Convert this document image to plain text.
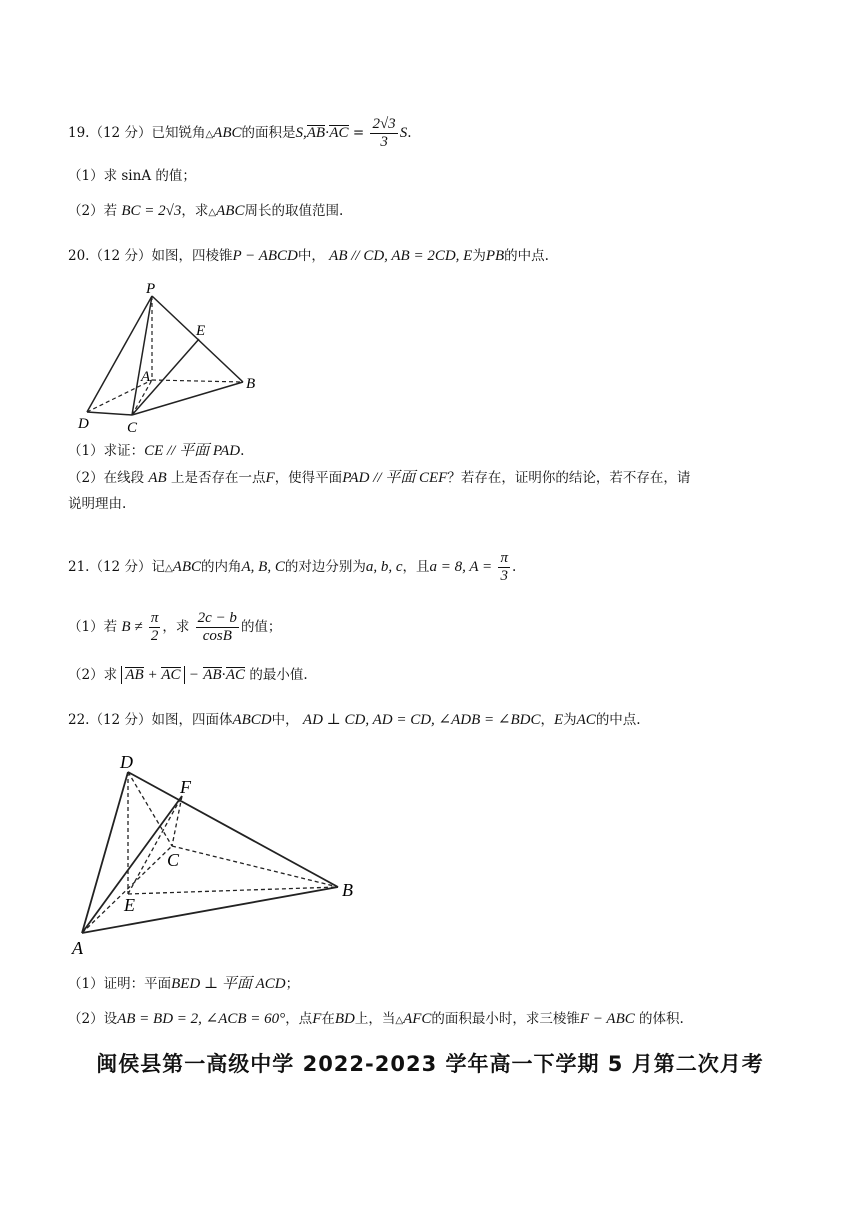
19.（12 分）已知锐角△ABC的面积是$S,AB\cdot AC = \frac{2√3}{3} S$.
（1）求 sinA 的值；
（2）若 BC = 2√3，求△ABC周长的取值范围.
20.（12 分）如图，四棱锥P − ABCD中， AB // CD, AB = 2CD, E为PB的中点.
P
E
A	B
C
D
（1）求证：CE // 平面 PAD.
（2）在线段 AB 上是否存在一点F，使得平面PAD // 平面 CEF？若存在，证明你的结论，若不存在，请
说明理由.
21.（12 分）记△ABC的内角A, B, C的对边分别为a, b, c，且a = 8, $A = \frac{\pi}{3}$ .
（1）若 $B \ne \frac{\pi}{2}$ ，求 $\frac{2c - b}{\cos B}$ 的值；
（2）求 AB + AC − AB·AC 的最小值.
22.（12 分）如图，四面体ABCD中， AD ⊥ CD, AD = CD, ∠ADB = ∠BDC，E为AC的中点.
D
F
C
E
B
A
（1）证明：平面BED ⊥ 平面 ACD；
（2）设AB = BD = 2, ∠ACB = 60°，点F在BD上，当△AFC的面积最小时，求三棱锥F − ABC 的体积.
闽侯县第一高级中学 2022-2023 学年高一下学期 5 月第二次月考
